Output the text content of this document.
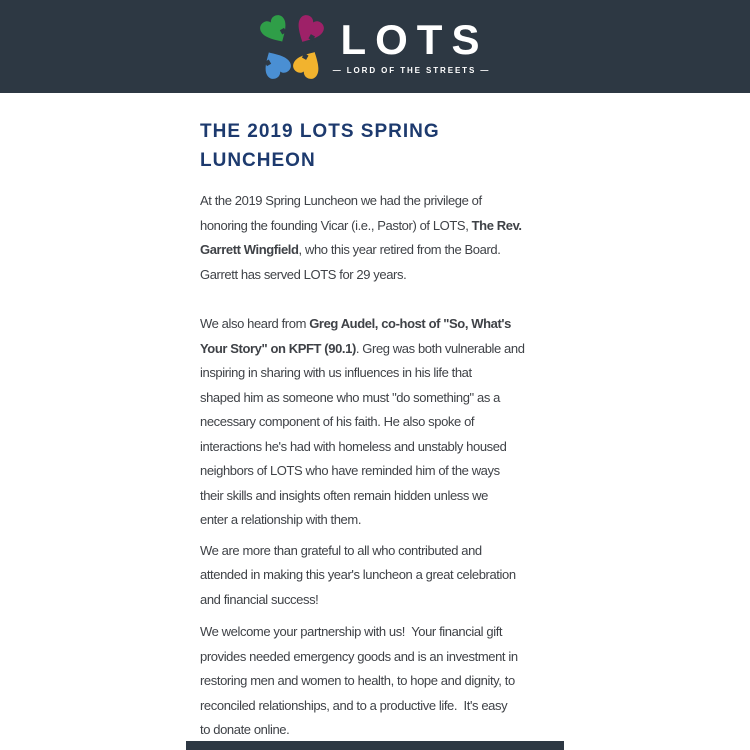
LOTS
— LORD OF THE STREETS —
THE 2019 LOTS SPRING LUNCHEON
At the 2019 Spring Luncheon we had the privilege of
honoring the founding Vicar (i.e., Pastor) of LOTS, The Rev.
Garrett Wingfield, who this year retired from the Board.
Garrett has served LOTS for 29 years.
We also heard from Greg Audel, co-host of "So, What's
Your Story" on KPFT (90.1). Greg was both vulnerable and
inspiring in sharing with us influences in his life that
shaped him as someone who must "do something" as a
necessary component of his faith. He also spoke of
interactions he's had with homeless and unstably housed
neighbors of LOTS who have reminded him of the ways
their skills and insights often remain hidden unless we
enter a relationship with them.
We are more than grateful to all who contributed and
attended in making this year's luncheon a great celebration
and financial success!
We welcome your partnership with us!  Your financial gift
provides needed emergency goods and is an investment in
restoring men and women to health, to hope and dignity, to
reconciled relationships, and to a productive life.  It's easy
to donate online.
